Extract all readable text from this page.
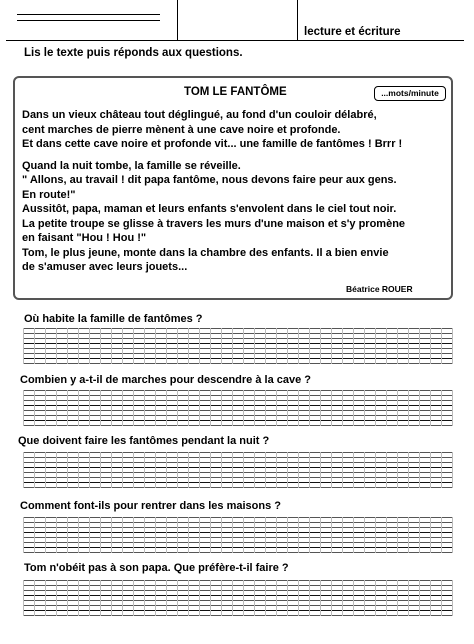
lecture et écriture
Lis le texte puis réponds aux questions.
TOM LE FANTÔME	...mots/minute
Dans un vieux château tout déglingué, au fond d'un couloir délabré,
cent marches de pierre mènent à une cave noire et profonde.
Et dans cette cave noire et profonde vit... une famille de fantômes ! Brrr !
Quand la nuit tombe, la famille se réveille.
" Allons, au travail ! dit papa fantôme, nous devons faire peur aux gens.
En route!"
Aussitôt, papa, maman et leurs enfants s'envolent dans le ciel tout noir.
La petite troupe se glisse à travers les murs d'une maison et s'y promène
en faisant "Hou ! Hou !"
Tom, le plus jeune, monte dans la chambre des enfants. Il a bien envie
de s'amuser avec leurs jouets...
Béatrice ROUER
Où habite la famille de fantômes ?
Combien y a-t-il de marches pour descendre à la cave ?
Que doivent faire les fantômes pendant la nuit ?
Comment font-ils pour rentrer dans les maisons ?
Tom n'obéit pas à son papa. Que préfère-t-il faire ?
